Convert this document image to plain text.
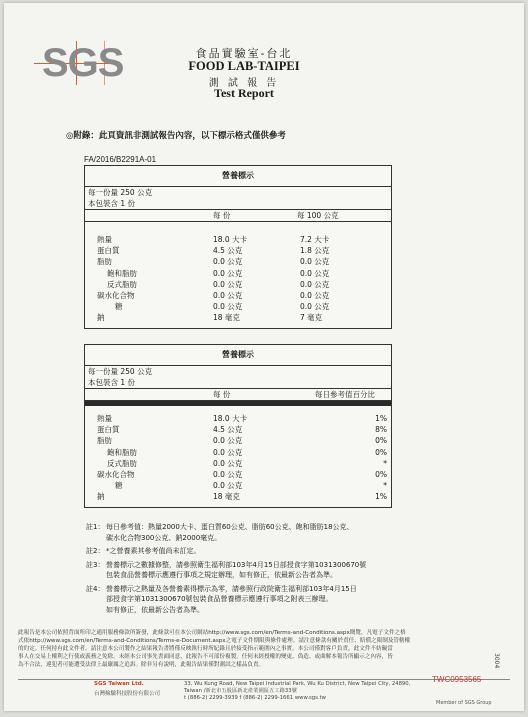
SGS	食品實驗室-台北
FOOD LAB-TAIPEI
測 試 報 告
Test Report
◎附錄：此頁資訊非測試報告內容，以下標示格式僅供參考
FA/2016/B2291A-01
營養標示
每一份量 250 公克
本包裝含 1 份
每 份	每 100 公克
熱量	18.0 大卡	7.2 大卡
蛋白質	4.5 公克	1.8 公克
脂肪	0.0 公克	0.0 公克
飽和脂肪	0.0 公克	0.0 公克
反式脂肪	0.0 公克	0.0 公克
碳水化合物	0.0 公克	0.0 公克
糖	0.0 公克	0.0 公克
鈉	18 毫克	7 毫克
營養標示
每一份量 250 公克
本包裝含 1 份
每 份	每日參考值百分比
熱量	18.0 大卡	1%
蛋白質	4.5 公克	8%
脂肪	0.0 公克	0%
飽和脂肪	0.0 公克	0%
反式脂肪	0.0 公克	*
碳水化合物	0.0 公克	0%
糖	0.0 公克	*
鈉	18 毫克	1%
註1： 每日參考值：熱量2000大卡、蛋白質60公克、脂肪60公克、飽和脂肪18公克、
碳水化合物300公克、鈉2000毫克。
註2： *之營養素其參考值尚未訂定。
註3： 營養標示之數據修整，請參照衛生福利部103年4月15日部授食字第1031300670號
包裝食品營養標示應遵行事項之規定辦理，如有修正，依最新公告者為準。
註4： 營養標示之熱量及各營養素得標示為零，請參照行政院衛生福利部103年4月15日
部授食字第1031300670號包裝食品營養標示應遵行事項之附表三辦理。
如有修正，依最新公告者為準。
此報告是本公司依照背面所印之通用服務條款所簽發，此條款可在本公司網站http://www.sgs.com/en/Terms-and-Conditions.aspx閱覽，凡電子文件之格
式依http://www.sgs.com/en/Terms-and-Conditions/Terms-e-Document.aspx之電子文件期限與條件處理。請注意條款有關於責任、賠償之限制及管轄權
的約定。任何持有此文件者，請注意本公司製作之結果報告書將僅反映執行時所紀錄且於接受指示範圍內之事實。本公司僅對客戶負責，此文件不妨礙當
事人在交易上權利之行使或義務之免除。未經本公司事先書面同意，此報告不可部份複製。任何未經授權的變更、偽造、或曲解本報告所顯示之內容，皆
為不合法，違犯者可能遭受法律上最嚴厲之追訴。除非另有說明，此報告結果僅對測試之樣品負責。
SGS Taiwan Ltd.
台灣檢驗科技股份有限公司
33, Wu Kung Road, New Taipei Industrial Park, Wu Ku District, New Taipei City, 24890, Taiwan /新北市五股區新北產業園區五工路33號
t (886-2) 2299-3939 f (886-2) 2299-1661 www.sgs.tw
TWC0953565
Member of SGS Group
3004
